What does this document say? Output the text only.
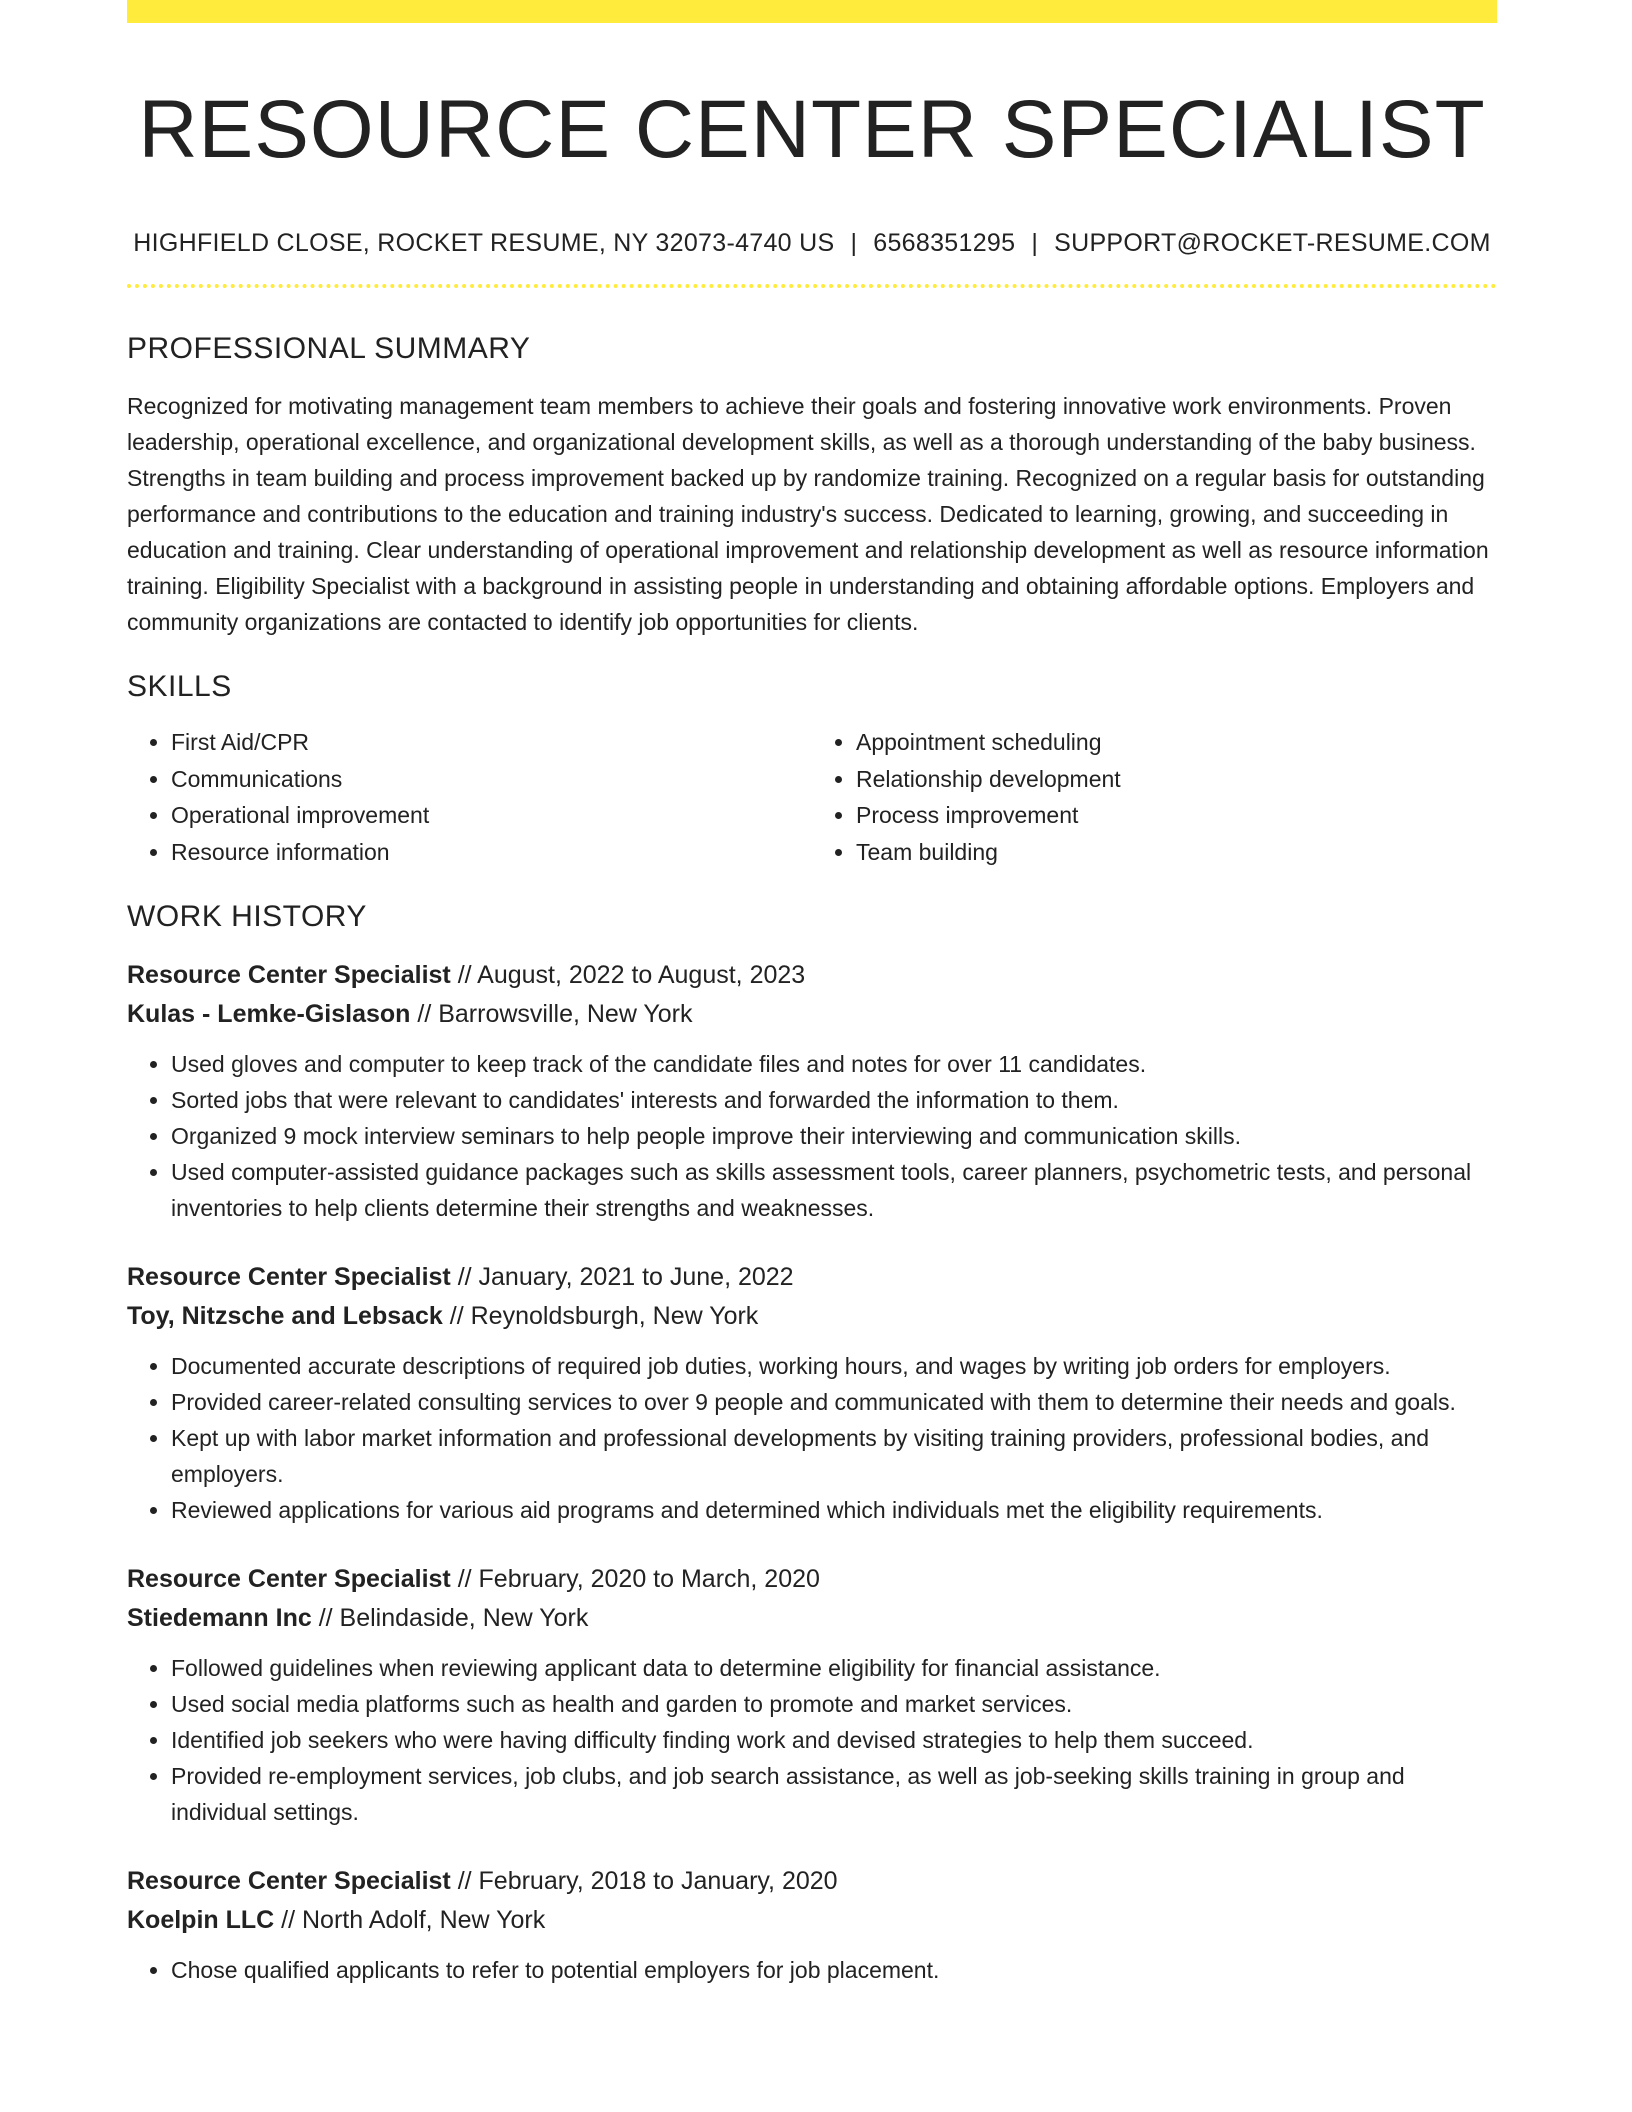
RESOURCE CENTER SPECIALIST
HIGHFIELD CLOSE, ROCKET RESUME, NY 32073-4740 US | 6568351295 | SUPPORT@ROCKET-RESUME.COM
PROFESSIONAL SUMMARY
Recognized for motivating management team members to achieve their goals and fostering innovative work environments. Proven leadership, operational excellence, and organizational development skills, as well as a thorough understanding of the baby business. Strengths in team building and process improvement backed up by randomize training. Recognized on a regular basis for outstanding performance and contributions to the education and training industry's success. Dedicated to learning, growing, and succeeding in education and training. Clear understanding of operational improvement and relationship development as well as resource information training. Eligibility Specialist with a background in assisting people in understanding and obtaining affordable options. Employers and community organizations are contacted to identify job opportunities for clients.
SKILLS
• First Aid/CPR
• Communications
• Operational improvement
• Resource information
• Appointment scheduling
• Relationship development
• Process improvement
• Team building
WORK HISTORY
Resource Center Specialist // August, 2022 to August, 2023
Kulas - Lemke-Gislason // Barrowsville, New York
• Used gloves and computer to keep track of the candidate files and notes for over 11 candidates.
• Sorted jobs that were relevant to candidates' interests and forwarded the information to them.
• Organized 9 mock interview seminars to help people improve their interviewing and communication skills.
• Used computer-assisted guidance packages such as skills assessment tools, career planners, psychometric tests, and personal inventories to help clients determine their strengths and weaknesses.
Resource Center Specialist // January, 2021 to June, 2022
Toy, Nitzsche and Lebsack // Reynoldsburgh, New York
• Documented accurate descriptions of required job duties, working hours, and wages by writing job orders for employers.
• Provided career-related consulting services to over 9 people and communicated with them to determine their needs and goals.
• Kept up with labor market information and professional developments by visiting training providers, professional bodies, and employers.
• Reviewed applications for various aid programs and determined which individuals met the eligibility requirements.
Resource Center Specialist // February, 2020 to March, 2020
Stiedemann Inc // Belindaside, New York
• Followed guidelines when reviewing applicant data to determine eligibility for financial assistance.
• Used social media platforms such as health and garden to promote and market services.
• Identified job seekers who were having difficulty finding work and devised strategies to help them succeed.
• Provided re-employment services, job clubs, and job search assistance, as well as job-seeking skills training in group and individual settings.
Resource Center Specialist // February, 2018 to January, 2020
Koelpin LLC // North Adolf, New York
• Chose qualified applicants to refer to potential employers for job placement.
